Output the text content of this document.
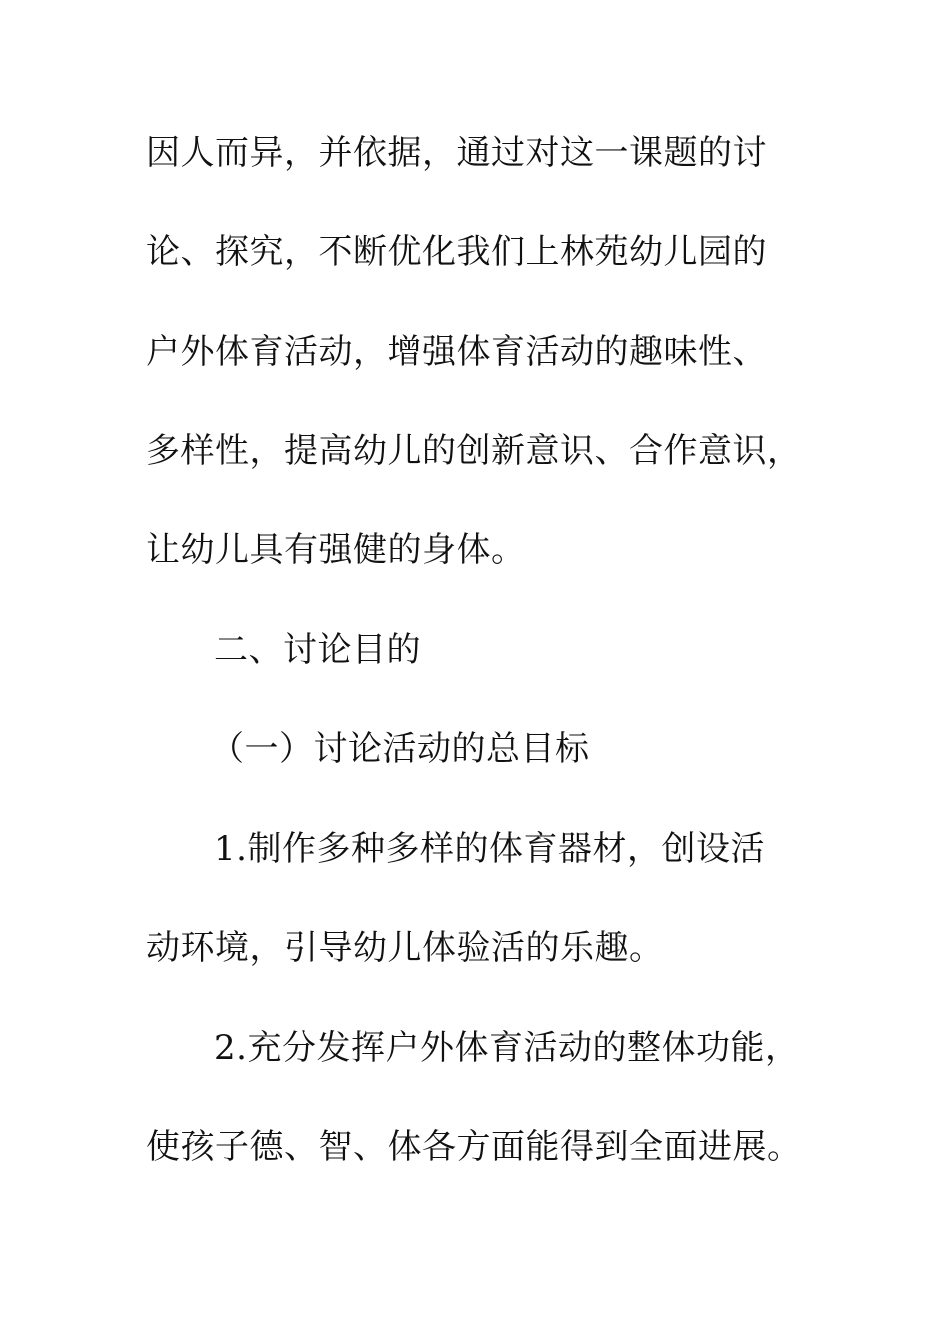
因人而异，并依据，通过对这一课题的讨
论、探究，不断优化我们上林苑幼儿园的
户外体育活动，增强体育活动的趣味性、
多样性，提高幼儿的创新意识、合作意识，
让幼儿具有强健的身体。
二、讨论目的
（一）讨论活动的总目标
1.制作多种多样的体育器材，创设活
动环境，引导幼儿体验活的乐趣。
2.充分发挥户外体育活动的整体功能，
使孩子德、智、体各方面能得到全面进展。
